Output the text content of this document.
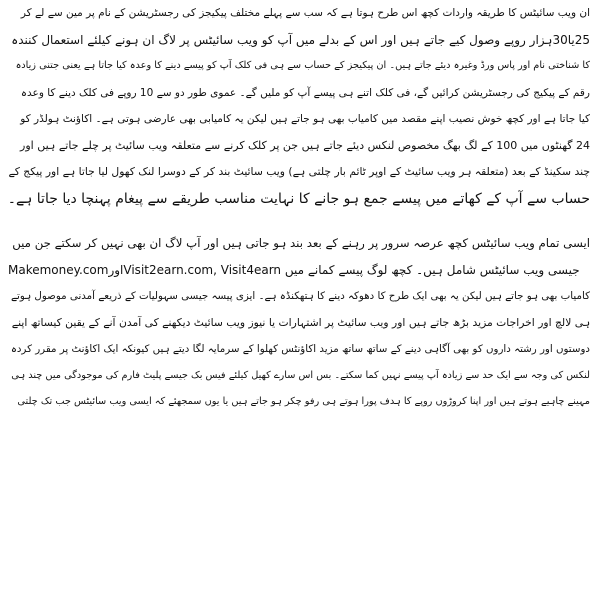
ان ویب سائیٹس کا طریقہ واردات کچھ اس طرح ہوتا ہے کہ سب سے پہلے مختلف پیکیجز کی رجسٹریشن کے نام پر مین سے لے کر
25یا30ہزار روپے وصول کیے جاتے ہیں اور اس کے بدلے میں آپ کو ویب سائیٹس پر لاگ ان ہونے کیلئے استعمال کنندہ
کا شناختی نام اور پاس ورڈ وغیرہ دیئے جاتے ہیں۔ ان پیکیجز کے حساب سے ہی فی کلک آپ کو پیسے دینے کا وعدہ کیا جاتا ہے یعنی جتنی زیادہ
رقم کے پیکیج کی رجسٹریشن کرائیں گے، فی کلک اتنے ہی پیسے آپ کو ملیں گے۔ عموی طور دو سے 10 روپے فی کلک دینے کا وعدہ
کیا جاتا ہے اور کچھ خوش نصیب اپنے مقصد میں کامیاب بھی ہو جاتے ہیں لیکن یہ کامیابی بھی عارضی ہوتی ہے۔ اکاؤنٹ ہولڈر کو
24 گھنٹوں میں 100 کے لگ بھگ مخصوص لنکس دیئے جاتے ہیں جن پر کلک کرنے سے متعلقہ ویب سائیٹ پر چلے جاتے ہیں اور
چند سکینڈ کے بعد (متعلقہ ہر ویب سائیٹ کے اوپر ٹائم بار چلتی ہے) ویب سائیٹ بند کر کے دوسرا لنک کھول لیا جاتا ہے اور پیکج کے
حساب سے آپ کے کھاتے میں پیسے جمع ہو جانے کا نہایت مناسب طریقے سے پیغام پہنچا دیا جاتا ہے۔
ایسی تمام ویب سائیٹس کچھ عرصہ سرور پر رہنے کے بعد بند ہو جاتی ہیں اور آپ لاگ ان بھی نہیں کر سکتے جن میں
Makemoney.comاورVisit2earn.com, Visit4earn جیسی ویب سائیٹس شامل ہیں۔ کچھ لوگ پیسے کمانے میں
کامیاب بھی ہو جاتے ہیں لیکن یہ بھی ایک طرح کا دھوکہ دینے کا ہتھکنڈہ ہے۔ ایزی پیسہ جیسی سہولیات کے ذریعے آمدنی موصول ہوتے
ہی لالچ اور اخراجات مزید بڑھ جاتے ہیں اور ویب سائیٹ پر اشتہارات یا نیوز ویب سائیٹ دیکھنے کی آمدن آنے کے یقین کیساتھ اپنے
دوستوں اور رشتہ داروں کو بھی آگاہی دینے کے ساتھ ساتھ مزید اکاؤنٹس کھلوا کے سرمایہ لگا دیتے ہیں کیونکہ ایک اکاؤنٹ پر مقرر کردہ
لنکس کی وجہ سے ایک حد سے زیادہ آپ پیسے نہیں کما سکتے۔ بس اس سارے کھیل کیلئے فیس بک جیسے پلیٹ فارم کی موجودگی میں چند ہی
مہینے چاہیے ہوتے ہیں اور اپنا کروڑوں روپے کا ہدف پورا ہوتے ہی رفو چکر ہو جاتے ہیں یا یوں سمجھئے کہ ایسی ویب سائیٹس جب تک چلتی
